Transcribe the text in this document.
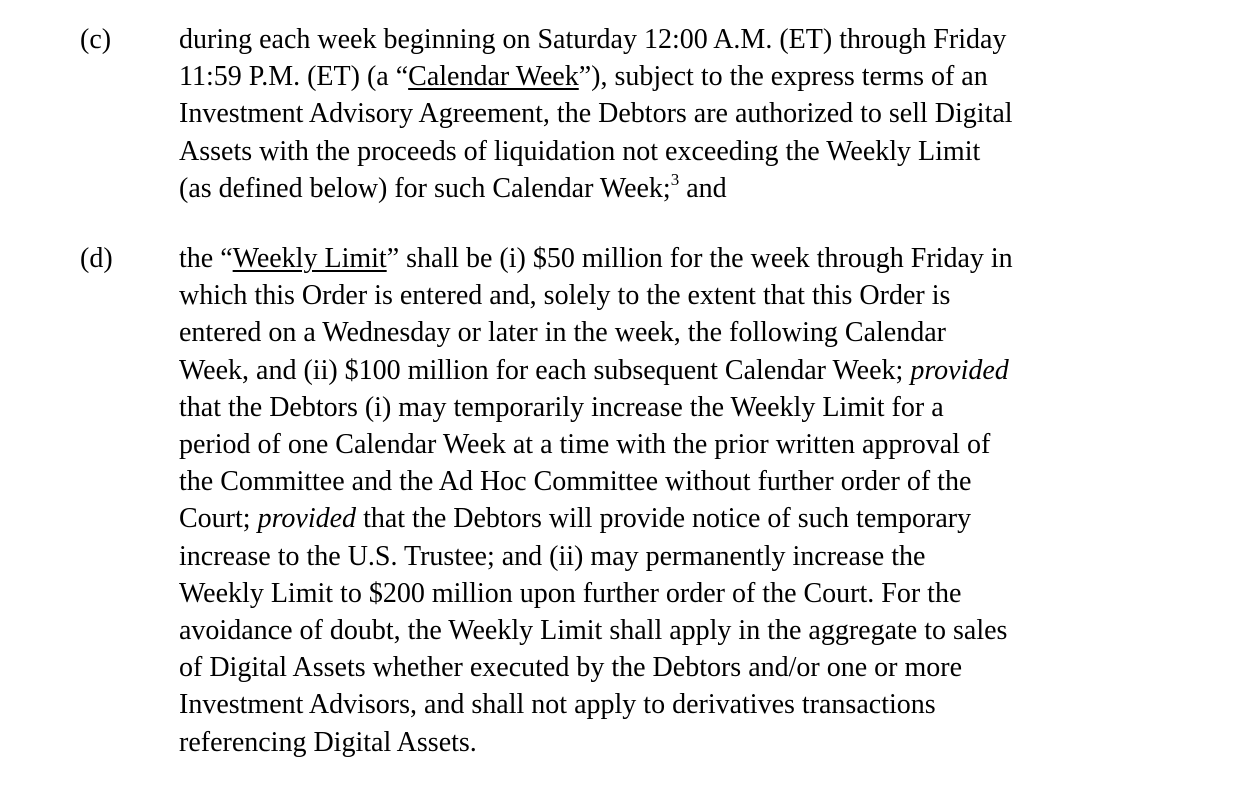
(c) during each week beginning on Saturday 12:00 A.M. (ET) through Friday
11:59 P.M. (ET) (a “Calendar Week”), subject to the express terms of an
Investment Advisory Agreement, the Debtors are authorized to sell Digital
Assets with the proceeds of liquidation not exceeding the Weekly Limit
(as defined below) for such Calendar Week;$^3$ and
(d) the “Weekly Limit” shall be (i) $50 million for the week through Friday in
which this Order is entered and, solely to the extent that this Order is
entered on a Wednesday or later in the week, the following Calendar
Week, and (ii) $100 million for each subsequent Calendar Week; provided
that the Debtors (i) may temporarily increase the Weekly Limit for a
period of one Calendar Week at a time with the prior written approval of
the Committee and the Ad Hoc Committee without further order of the
Court; provided that the Debtors will provide notice of such temporary
increase to the U.S. Trustee; and (ii) may permanently increase the
Weekly Limit to $200 million upon further order of the Court. For the
avoidance of doubt, the Weekly Limit shall apply in the aggregate to sales
of Digital Assets whether executed by the Debtors and/or one or more
Investment Advisors, and shall not apply to derivatives transactions
referencing Digital Assets.
